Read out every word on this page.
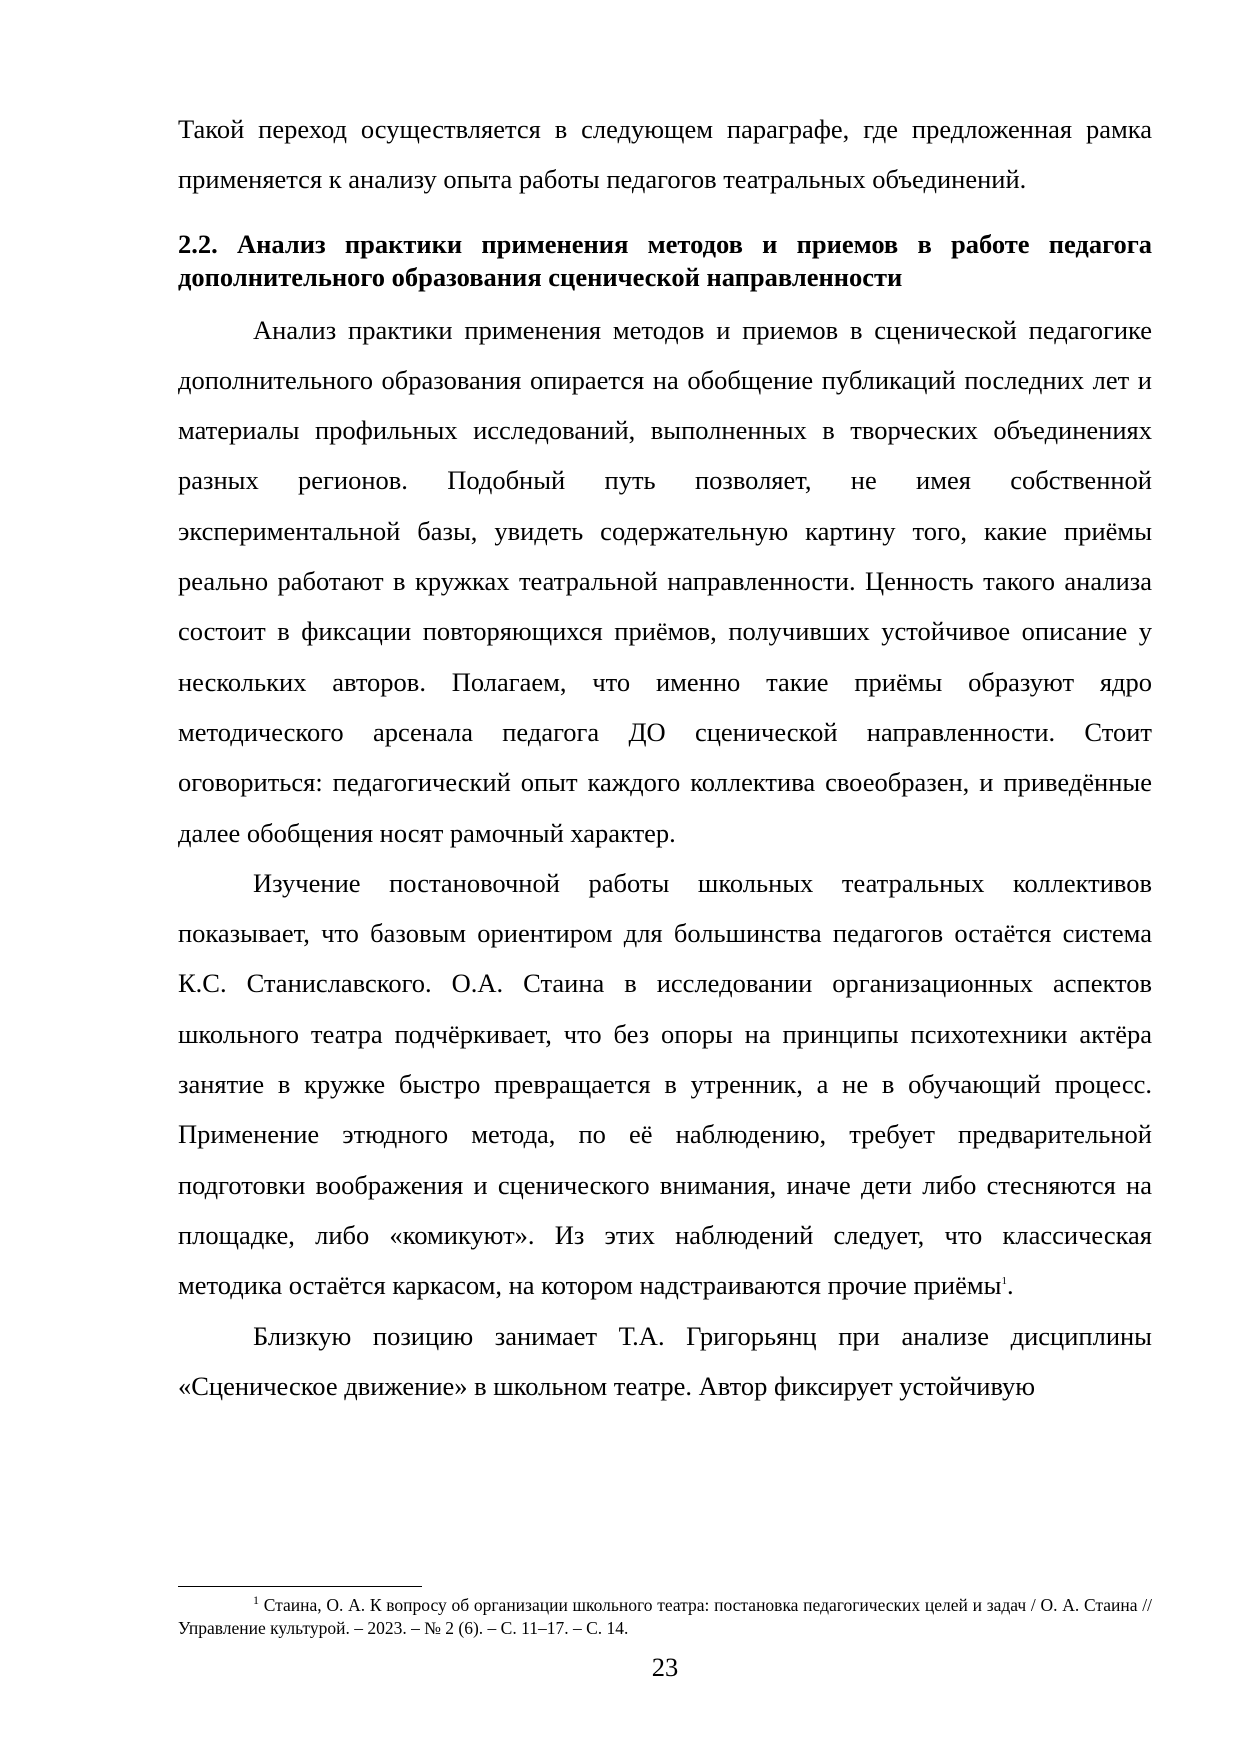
Такой переход осуществляется в следующем параграфе, где предложенная рамка применяется к анализу опыта работы педагогов театральных объединений.

2.2. Анализ практики применения методов и приемов в работе педагога дополнительного образования сценической направленности

Анализ практики применения методов и приемов в сценической педагогике дополнительного образования опирается на обобщение публикаций последних лет и материалы профильных исследований, выполненных в творческих объединениях разных регионов. Подобный путь позволяет, не имея собственной экспериментальной базы, увидеть содержательную картину того, какие приёмы реально работают в кружках театральной направленности. Ценность такого анализа состоит в фиксации повторяющихся приёмов, получивших устойчивое описание у нескольких авторов. Полагаем, что именно такие приёмы образуют ядро методического арсенала педагога ДО сценической направленности. Стоит оговориться: педагогический опыт каждого коллектива своеобразен, и приведённые далее обобщения носят рамочный характер.

Изучение постановочной работы школьных театральных коллективов показывает, что базовым ориентиром для большинства педагогов остаётся система К.С. Станиславского. О.А. Стаина в исследовании организационных аспектов школьного театра подчёркивает, что без опоры на принципы психотехники актёра занятие в кружке быстро превращается в утренник, а не в обучающий процесс. Применение этюдного метода, по её наблюдению, требует предварительной подготовки воображения и сценического внимания, иначе дети либо стесняются на площадке, либо «комикуют». Из этих наблюдений следует, что классическая методика остаётся каркасом, на котором надстраиваются прочие приёмы$^1$.

Близкую позицию занимает Т.А. Григорьянц при анализе дисциплины «Сценическое движение» в школьном театре. Автор фиксирует устойчивую

$^1$ Стаина, О. А. К вопросу об организации школьного театра: постановка педагогических целей и задач / О. А. Стаина // Управление культурой. – 2023. – № 2 (6). – С. 11–17. – С. 14.

23
